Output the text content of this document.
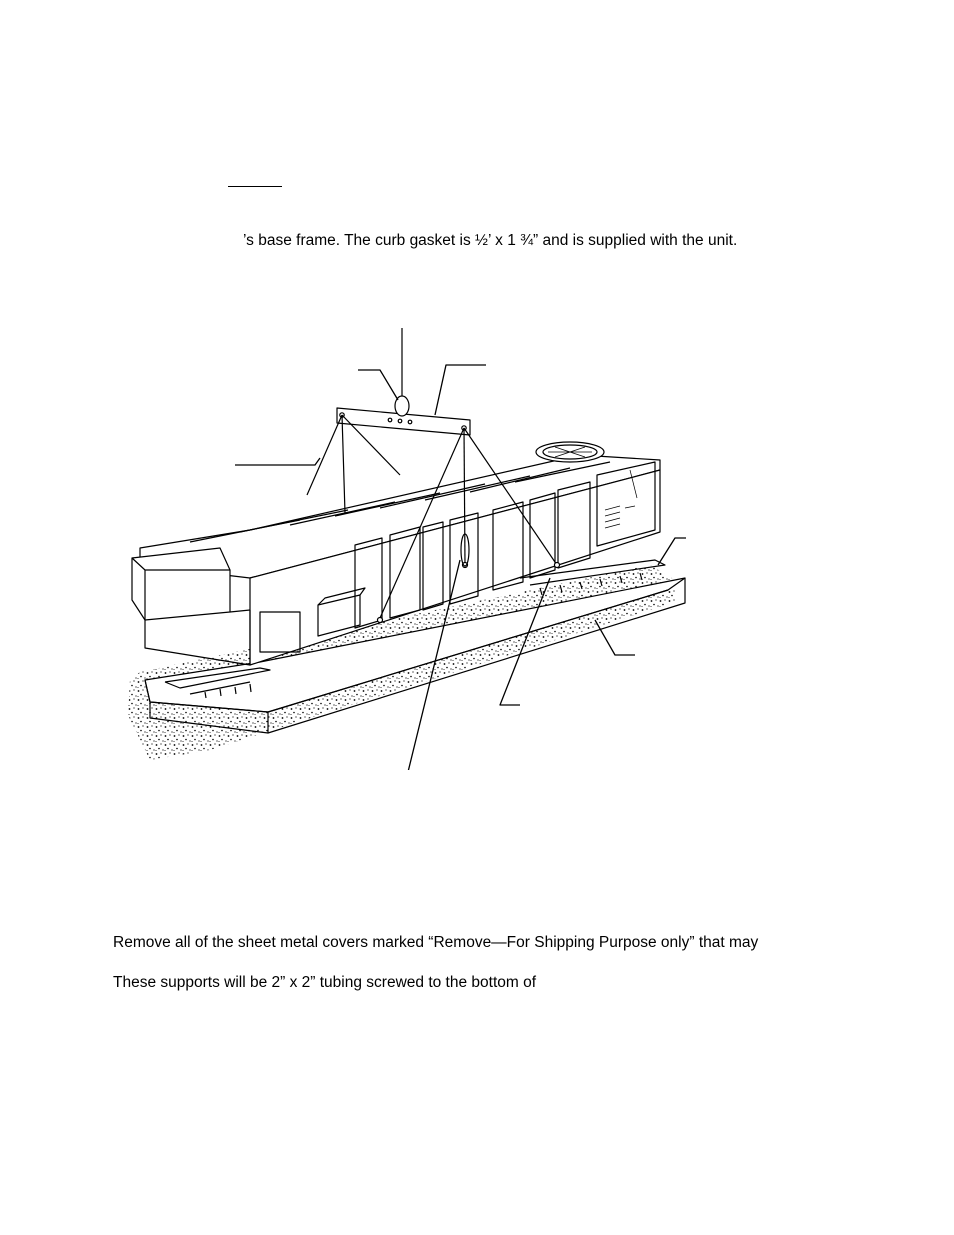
’s base frame. The curb gasket is ½’ x 1 ¾” and is supplied with the unit.
Remove all of the sheet metal covers marked “Remove—For Shipping Purpose only” that may
These supports will be 2” x 2” tubing screwed to the bottom of
